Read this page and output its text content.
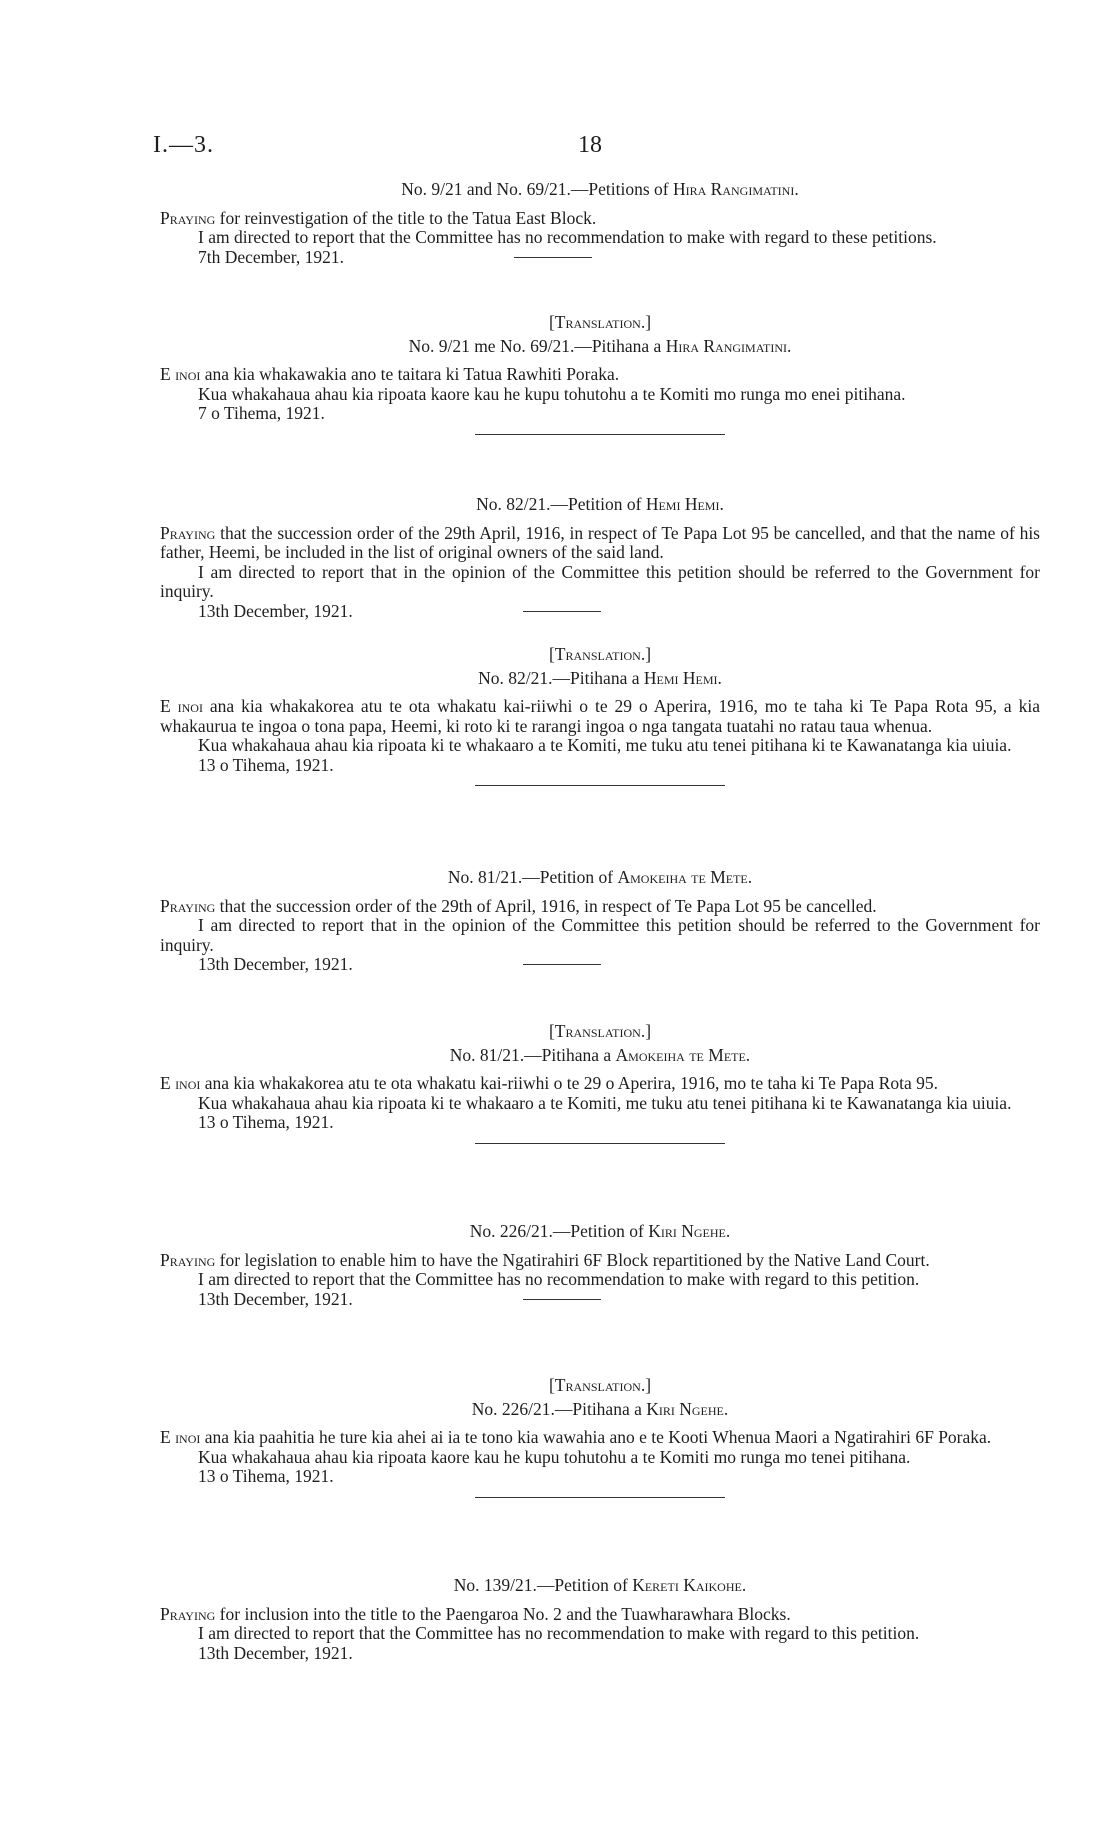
I.—3.	18

No. 9/21 and No. 69/21.—Petitions of Hira Rangimatini.

Praying for reinvestigation of the title to the Tatua East Block.

I am directed to report that the Committee has no recommendation to make with regard to these petitions.

7th December, 1921.

[Translation.]

No. 9/21 me No. 69/21.—Pitihana a Hira Rangimatini.

E inoi ana kia whakawakia ano te taitara ki Tatua Rawhiti Poraka.

Kua whakahaua ahau kia ripoata kaore kau he kupu tohutohu a te Komiti mo runga mo enei pitihana.

7 o Tihema, 1921.

No. 82/21.—Petition of Hemi Hemi.

Praying that the succession order of the 29th April, 1916, in respect of Te Papa Lot 95 be cancelled, and that the name of his father, Heemi, be included in the list of original owners of the said land.

I am directed to report that in the opinion of the Committee this petition should be referred to the Government for inquiry.

13th December, 1921.

[Translation.]

No. 82/21.—Pitihana a Hemi Hemi.

E inoi ana kia whakakorea atu te ota whakatu kai-riiwhi o te 29 o Aperira, 1916, mo te taha ki Te Papa Rota 95, a kia whakaurua te ingoa o tona papa, Heemi, ki roto ki te rarangi ingoa o nga tangata tuatahi no ratau taua whenua.

Kua whakahaua ahau kia ripoata ki te whakaaro a te Komiti, me tuku atu tenei pitihana ki te Kawanatanga kia uiuia.

13 o Tihema, 1921.

No. 81/21.—Petition of Amokeiha te Mete.

Praying that the succession order of the 29th of April, 1916, in respect of Te Papa Lot 95 be cancelled.

I am directed to report that in the opinion of the Committee this petition should be referred to the Government for inquiry.

13th December, 1921.

[Translation.]

No. 81/21.—Pitihana a Amokeiha te Mete.

E inoi ana kia whakakorea atu te ota whakatu kai-riiwhi o te 29 o Aperira, 1916, mo te taha ki Te Papa Rota 95.

Kua whakahaua ahau kia ripoata ki te whakaaro a te Komiti, me tuku atu tenei pitihana ki te Kawanatanga kia uiuia.

13 o Tihema, 1921.

No. 226/21.—Petition of Kiri Ngehe.

Praying for legislation to enable him to have the Ngatirahiri 6F Block repartitioned by the Native Land Court.

I am directed to report that the Committee has no recommendation to make with regard to this petition.

13th December, 1921.

[Translation.]

No. 226/21.—Pitihana a Kiri Ngehe.

E inoi ana kia paahitia he ture kia ahei ai ia te tono kia wawahia ano e te Kooti Whenua Maori a Ngatirahiri 6F Poraka.

Kua whakahaua ahau kia ripoata kaore kau he kupu tohutohu a te Komiti mo runga mo tenei pitihana.

13 o Tihema, 1921.

No. 139/21.—Petition of Kereti Kaikohe.

Praying for inclusion into the title to the Paengaroa No. 2 and the Tuawharawhara Blocks.

I am directed to report that the Committee has no recommendation to make with regard to this petition.

13th December, 1921.
